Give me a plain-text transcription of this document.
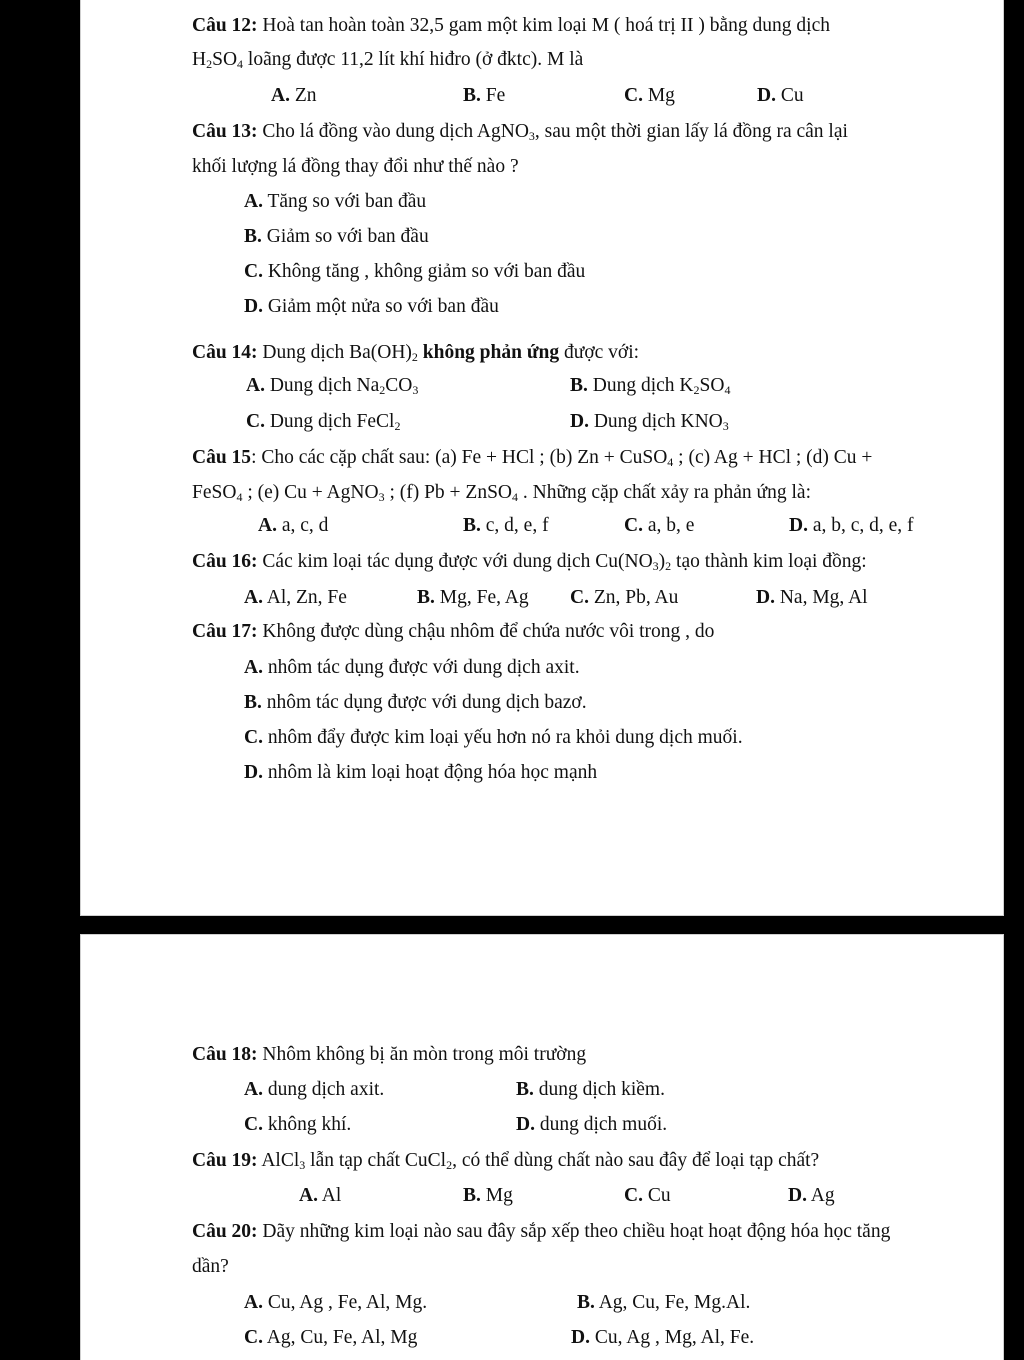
Câu 12: Hoà tan hoàn toàn 32,5 gam một kim loại M ( hoá trị II ) bằng dung dịch
$H_2SO_4$ loãng được 11,2 lít khí hiđro (ở đktc). M là
A. Zn	B. Fe	C. Mg	D. Cu
Câu 13: Cho lá đồng vào dung dịch AgNO$_3$, sau một thời gian lấy lá đồng ra cân lại
khối lượng lá đồng thay đổi như thế nào ?
A. Tăng so với ban đầu
B. Giảm so với ban đầu
C. Không tăng , không giảm so với ban đầu
D. Giảm một nửa so với ban đầu
Câu 14: Dung dịch $Ba(OH)_2$ không phản ứng được với:
A. Dung dịch $Na_2CO_3$	B. Dung dịch $K_2SO_4$
C. Dung dịch FeCl$_2$	D. Dung dịch $KNO_3$
Câu 15: Cho các cặp chất sau: (a) Fe + HCl ; (b) Zn + CuSO$_4$ ; (c) Ag + HCl ; (d) Cu +
FeSO$_4$ ; (e) Cu + AgNO$_3$ ; (f) Pb + ZnSO$_4$ . Những cặp chất xảy ra phản ứng là:
A. a, c, d	B. c, d, e, f	C. a, b, e	D. a, b, c, d, e, f
Câu 16: Các kim loại tác dụng được với dung dịch $Cu(NO_3)_2$ tạo thành kim loại đồng:
A. Al, Zn, Fe	B. Mg, Fe, Ag C. Zn, Pb, Au	D. Na, Mg, Al
Câu 17: Không được dùng chậu nhôm để chứa nước vôi trong , do
A. nhôm tác dụng được với dung dịch axit.
B. nhôm tác dụng được với dung dịch bazơ.
C. nhôm đẩy được kim loại yếu hơn nó ra khỏi dung dịch muối.
D. nhôm là kim loại hoạt động hóa học mạnh
Câu 18: Nhôm không bị ăn mòn trong môi trường
A. dung dịch axit.	B. dung dịch kiềm.
C. không khí.	D. dung dịch muối.
Câu 19: AlCl$_3$ lẫn tạp chất CuCl$_2$, có thể dùng chất nào sau đây để loại tạp chất?
A. Al	B. Mg	C. Cu	D. Ag
Câu 20: Dãy những kim loại nào sau đây sắp xếp theo chiều hoạt hoạt động hóa học tăng
dần?
A. Cu, Ag , Fe, Al, Mg.	B. Ag, Cu, Fe, Mg.Al.
C. Ag, Cu, Fe, Al, Mg	D. Cu, Ag , Mg, Al, Fe.
